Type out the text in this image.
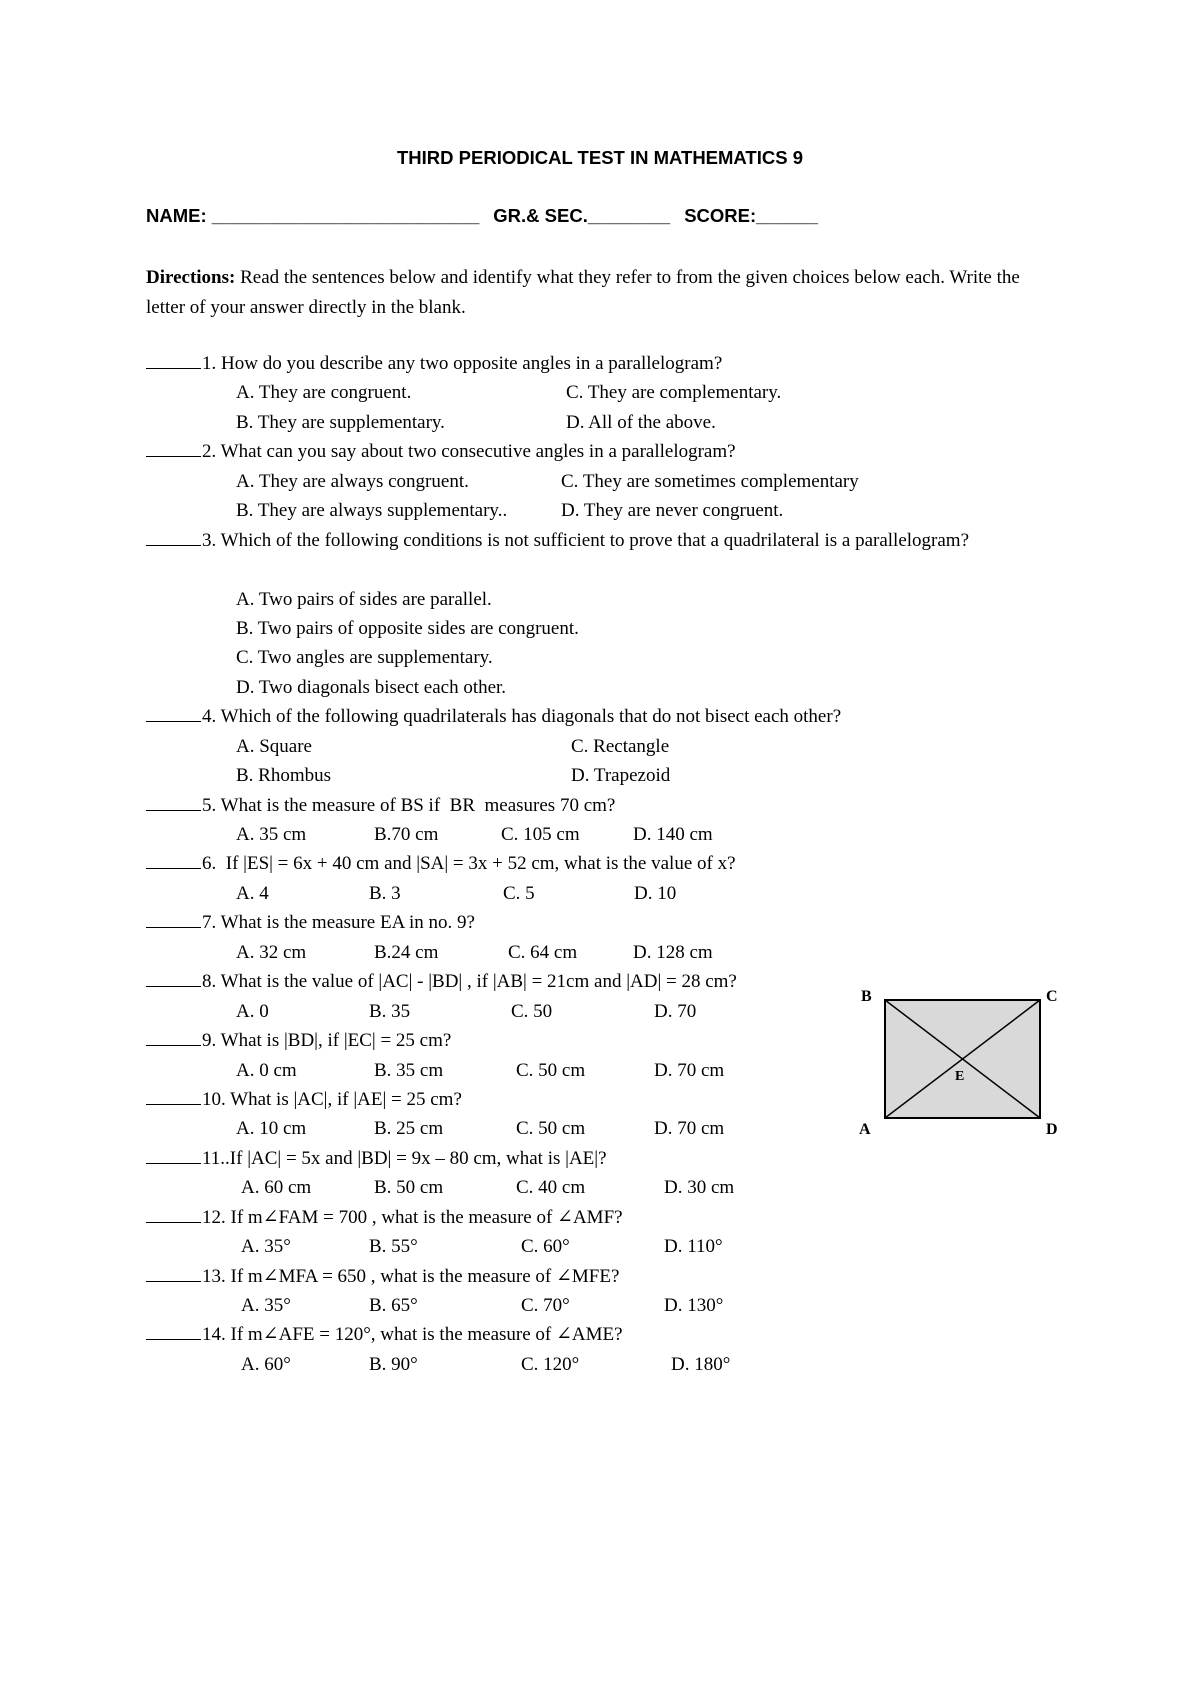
THIRD PERIODICAL TEST IN MATHEMATICS 9
NAME: __________________________ GR.& SEC.________ SCORE:______
Directions: Read the sentences below and identify what they refer to from the given choices below each. Write the letter of your answer directly in the blank.
1. How do you describe any two opposite angles in a parallelogram?
A. They are congruent.	C. They are complementary.
B. They are supplementary.	D. All of the above.
2. What can you say about two consecutive angles in a parallelogram?
A. They are always congruent.	C. They are sometimes complementary
B. They are always supplementary..	D. They are never congruent.
3. Which of the following conditions is not sufficient to prove that a quadrilateral is a parallelogram?
A. Two pairs of sides are parallel.
B. Two pairs of opposite sides are congruent.
C. Two angles are supplementary.
D. Two diagonals bisect each other.
4. Which of the following quadrilaterals has diagonals that do not bisect each other?
A. Square	C. Rectangle
B. Rhombus	D. Trapezoid
5. What is the measure of BS if  BR  measures 70 cm?
A. 35 cm	B.70 cm	C. 105 cm	D. 140 cm
6.  If |ES| = 6x + 40 cm and |SA| = 3x + 52 cm, what is the value of x?
A. 4	B. 3	C. 5	D. 10
7. What is the measure EA in no. 9?
A. 32 cm	B.24 cm	C. 64 cm	D. 128 cm
8. What is the value of |AC| - |BD| , if |AB| = 21cm and |AD| = 28 cm?
A. 0	B. 35	C. 50	D. 70
9. What is |BD|, if |EC| = 25 cm?
A. 0 cm	B. 35 cm	C. 50 cm	D. 70 cm
10. What is |AC|, if |AE| = 25 cm?
A. 10 cm	B. 25 cm	C. 50 cm	D. 70 cm
11..If |AC| = 5x and |BD| = 9x – 80 cm, what is |AE|?
A. 60 cm	B. 50 cm	C. 40 cm	D. 30 cm
12. If m∠FAM = 700 , what is the measure of ∠AMF?
A. 35°	B. 55°	C. 60°	D. 110°
13. If m∠MFA = 650 , what is the measure of ∠MFE?
A. 35°	B. 65°	C. 70°	D. 130°
14. If m∠AFE = 120°, what is the measure of ∠AME?
A. 60°	B. 90°	C. 120°	D. 180°
B	C
A	D
E
